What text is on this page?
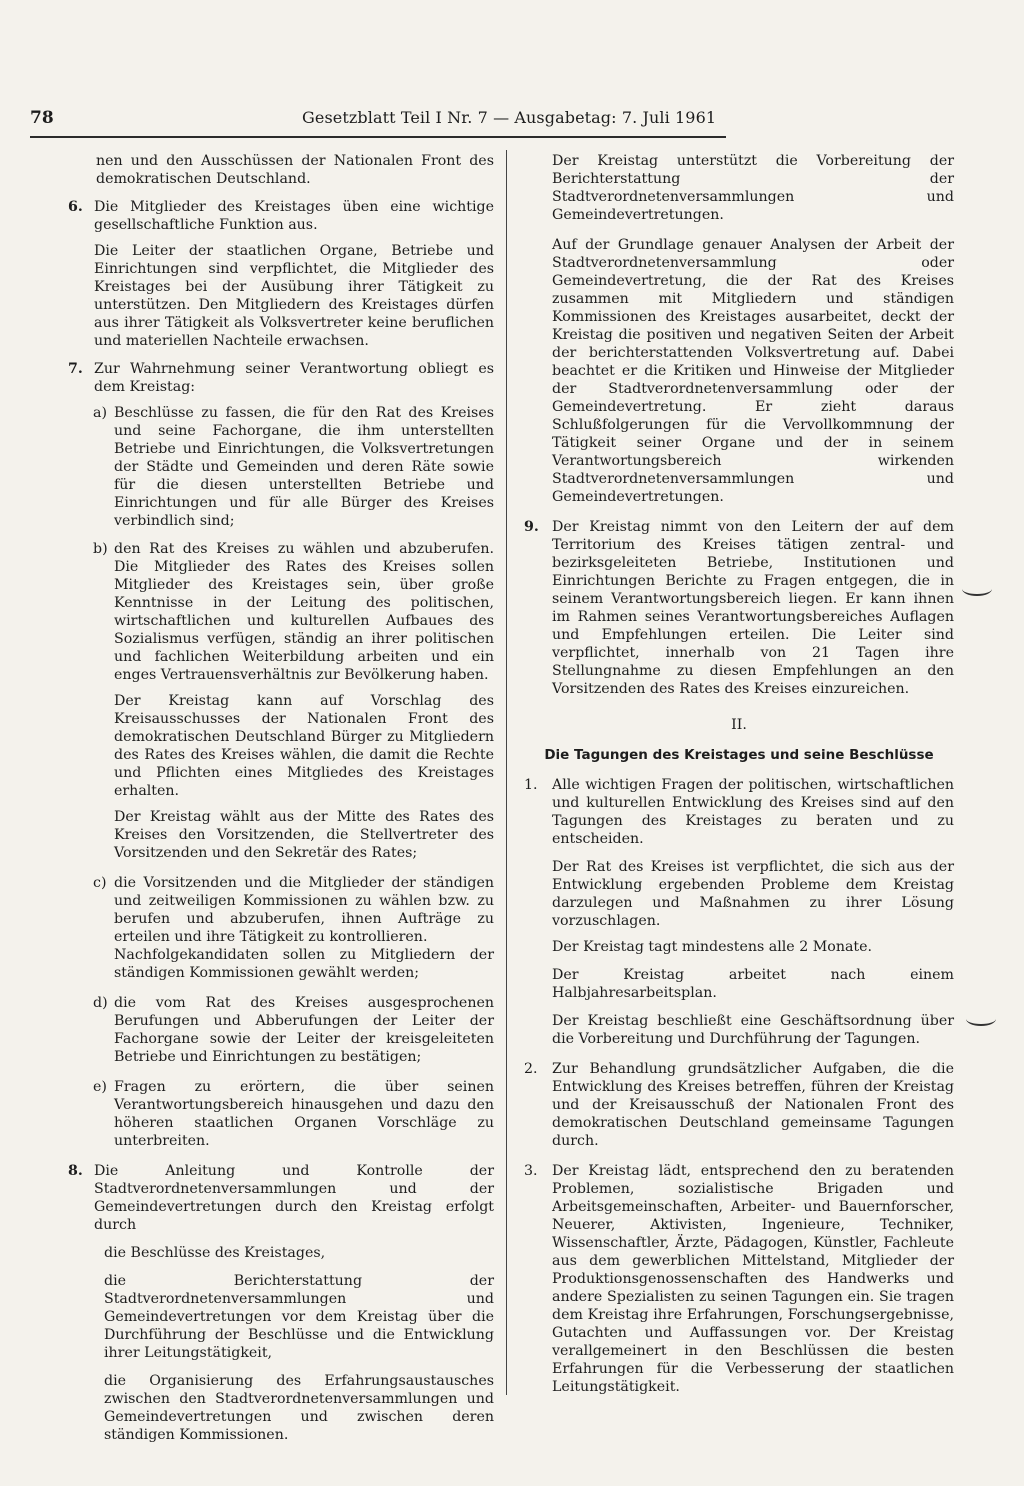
78	Gesetzblatt Teil I Nr. 7 — Ausgabetag: 7. Juli 1961

nen und den Ausschüssen der Nationalen Front des demokratischen Deutschland.

6. Die Mitglieder des Kreistages üben eine wichtige gesellschaftliche Funktion aus.

Die Leiter der staatlichen Organe, Betriebe und Einrichtungen sind verpflichtet, die Mitglieder des Kreistages bei der Ausübung ihrer Tätigkeit zu unterstützen. Den Mitgliedern des Kreistages dürfen aus ihrer Tätigkeit als Volksvertreter keine beruflichen und materiellen Nachteile erwachsen.

7. Zur Wahrnehmung seiner Verantwortung obliegt es dem Kreistag:

a) Beschlüsse zu fassen, die für den Rat des Kreises und seine Fachorgane, die ihm unterstellten Betriebe und Einrichtungen, die Volksvertretungen der Städte und Gemeinden und deren Räte sowie für die diesen unterstellten Betriebe und Einrichtungen und für alle Bürger des Kreises verbindlich sind;

b) den Rat des Kreises zu wählen und abzuberufen. Die Mitglieder des Rates des Kreises sollen Mitglieder des Kreistages sein, über große Kenntnisse in der Leitung des politischen, wirtschaftlichen und kulturellen Aufbaues des Sozialismus verfügen, ständig an ihrer politischen und fachlichen Weiterbildung arbeiten und ein enges Vertrauensverhältnis zur Bevölkerung haben.

Der Kreistag kann auf Vorschlag des Kreisausschusses der Nationalen Front des demokratischen Deutschland Bürger zu Mitgliedern des Rates des Kreises wählen, die damit die Rechte und Pflichten eines Mitgliedes des Kreistages erhalten.

Der Kreistag wählt aus der Mitte des Rates des Kreises den Vorsitzenden, die Stellvertreter des Vorsitzenden und den Sekretär des Rates;

c) die Vorsitzenden und die Mitglieder der ständigen und zeitweiligen Kommissionen zu wählen bzw. zu berufen und abzuberufen, ihnen Aufträge zu erteilen und ihre Tätigkeit zu kontrollieren.

Nachfolgekandidaten sollen zu Mitgliedern der ständigen Kommissionen gewählt werden;

d) die vom Rat des Kreises ausgesprochenen Berufungen und Abberufungen der Leiter der Fachorgane sowie der Leiter der kreisgeleiteten Betriebe und Einrichtungen zu bestätigen;

e) Fragen zu erörtern, die über seinen Verantwortungsbereich hinausgehen und dazu den höheren staatlichen Organen Vorschläge zu unterbreiten.

8. Die Anleitung und Kontrolle der Stadtverordnetenversammlungen und der Gemeindevertretungen durch den Kreistag erfolgt durch

die Beschlüsse des Kreistages,

die Berichterstattung der Stadtverordnetenversammlungen und Gemeindevertretungen vor dem Kreistag über die Durchführung der Beschlüsse und die Entwicklung ihrer Leitungstätigkeit,

die Organisierung des Erfahrungsaustausches zwischen den Stadtverordnetenversammlungen und Gemeindevertretungen und zwischen deren ständigen Kommissionen.

Der Kreistag unterstützt die Vorbereitung der Berichterstattung der Stadtverordnetenversammlungen und Gemeindevertretungen.

Auf der Grundlage genauer Analysen der Arbeit der Stadtverordnetenversammlung oder Gemeindevertretung, die der Rat des Kreises zusammen mit Mitgliedern und ständigen Kommissionen des Kreistages ausarbeitet, deckt der Kreistag die positiven und negativen Seiten der Arbeit der berichterstattenden Volksvertretung auf. Dabei beachtet er die Kritiken und Hinweise der Mitglieder der Stadtverordnetenversammlung oder der Gemeindevertretung. Er zieht daraus Schlußfolgerungen für die Vervollkommnung der Tätigkeit seiner Organe und der in seinem Verantwortungsbereich wirkenden Stadtverordnetenversammlungen und Gemeindevertretungen.

9. Der Kreistag nimmt von den Leitern der auf dem Territorium des Kreises tätigen zentral- und bezirksgeleiteten Betriebe, Institutionen und Einrichtungen Berichte zu Fragen entgegen, die in seinem Verantwortungsbereich liegen. Er kann ihnen im Rahmen seines Verantwortungsbereiches Auflagen und Empfehlungen erteilen. Die Leiter sind verpflichtet, innerhalb von 21 Tagen ihre Stellungnahme zu diesen Empfehlungen an den Vorsitzenden des Rates des Kreises einzureichen.

II.
Die Tagungen des Kreistages und seine Beschlüsse
1. Alle wichtigen Fragen der politischen, wirtschaftlichen und kulturellen Entwicklung des Kreises sind auf den Tagungen des Kreistages zu beraten und zu entscheiden.

Der Rat des Kreises ist verpflichtet, die sich aus der Entwicklung ergebenden Probleme dem Kreistag darzulegen und Maßnahmen zu ihrer Lösung vorzuschlagen.

Der Kreistag tagt mindestens alle 2 Monate.

Der Kreistag arbeitet nach einem Halbjahresarbeitsplan.

Der Kreistag beschließt eine Geschäftsordnung über die Vorbereitung und Durchführung der Tagungen.

2. Zur Behandlung grundsätzlicher Aufgaben, die die Entwicklung des Kreises betreffen, führen der Kreistag und der Kreisausschuß der Nationalen Front des demokratischen Deutschland gemeinsame Tagungen durch.

3. Der Kreistag lädt, entsprechend den zu beratenden Problemen, sozialistische Brigaden und Arbeitsgemeinschaften, Arbeiter- und Bauernforscher, Neuerer, Aktivisten, Ingenieure, Techniker, Wissenschaftler, Ärzte, Pädagogen, Künstler, Fachleute aus dem gewerblichen Mittelstand, Mitglieder der Produktionsgenossenschaften des Handwerks und andere Spezialisten zu seinen Tagungen ein. Sie tragen dem Kreistag ihre Erfahrungen, Forschungsergebnisse, Gutachten und Auffassungen vor. Der Kreistag verallgemeinert in den Beschlüssen die besten Erfahrungen für die Verbesserung der staatlichen Leitungstätigkeit.
